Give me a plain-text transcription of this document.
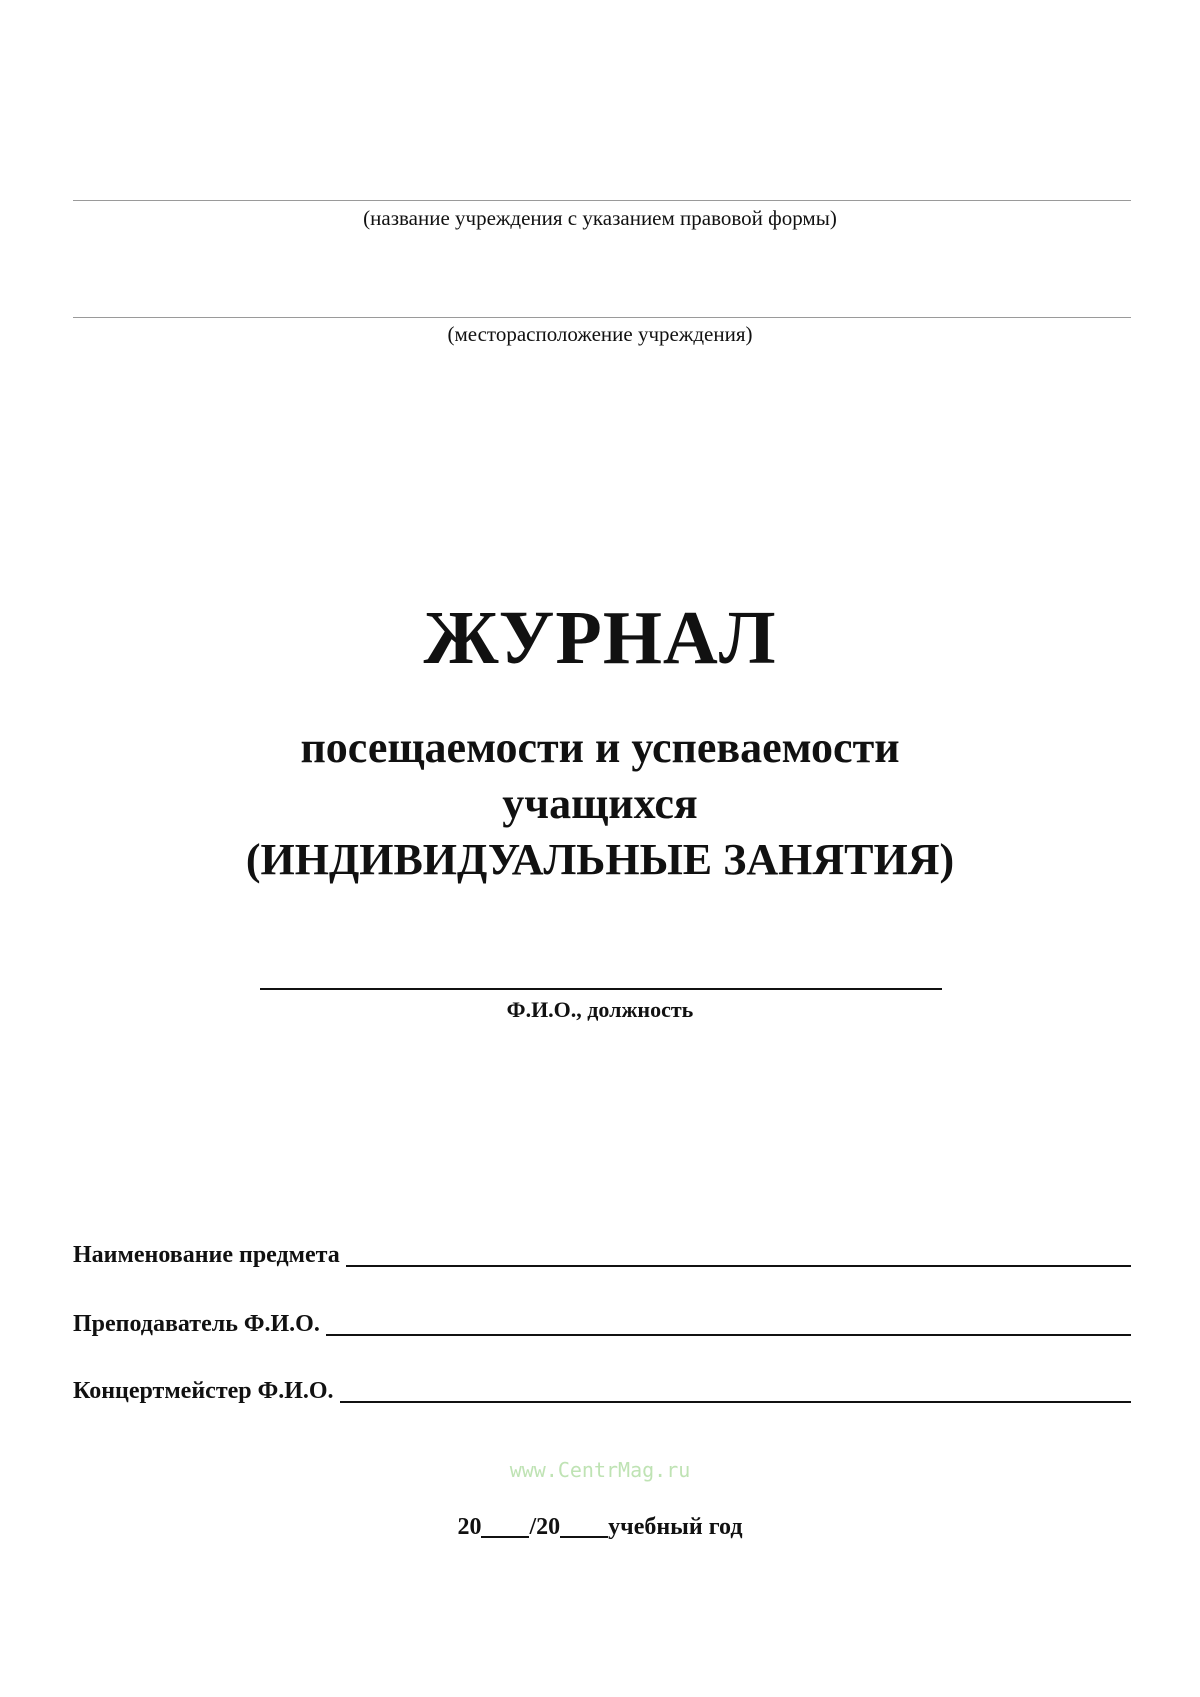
(название учреждения с указанием правовой формы)
(месторасположение учреждения)
ЖУРНАЛ
посещаемости и успеваемости
учащихся
(ИНДИВИДУАЛЬНЫЕ ЗАНЯТИЯ)
Ф.И.О., должность
Наименование предмета
Преподаватель Ф.И.О.
Концертмейстер Ф.И.О.
www.CentrMag.ru
20 /20 учебный год
